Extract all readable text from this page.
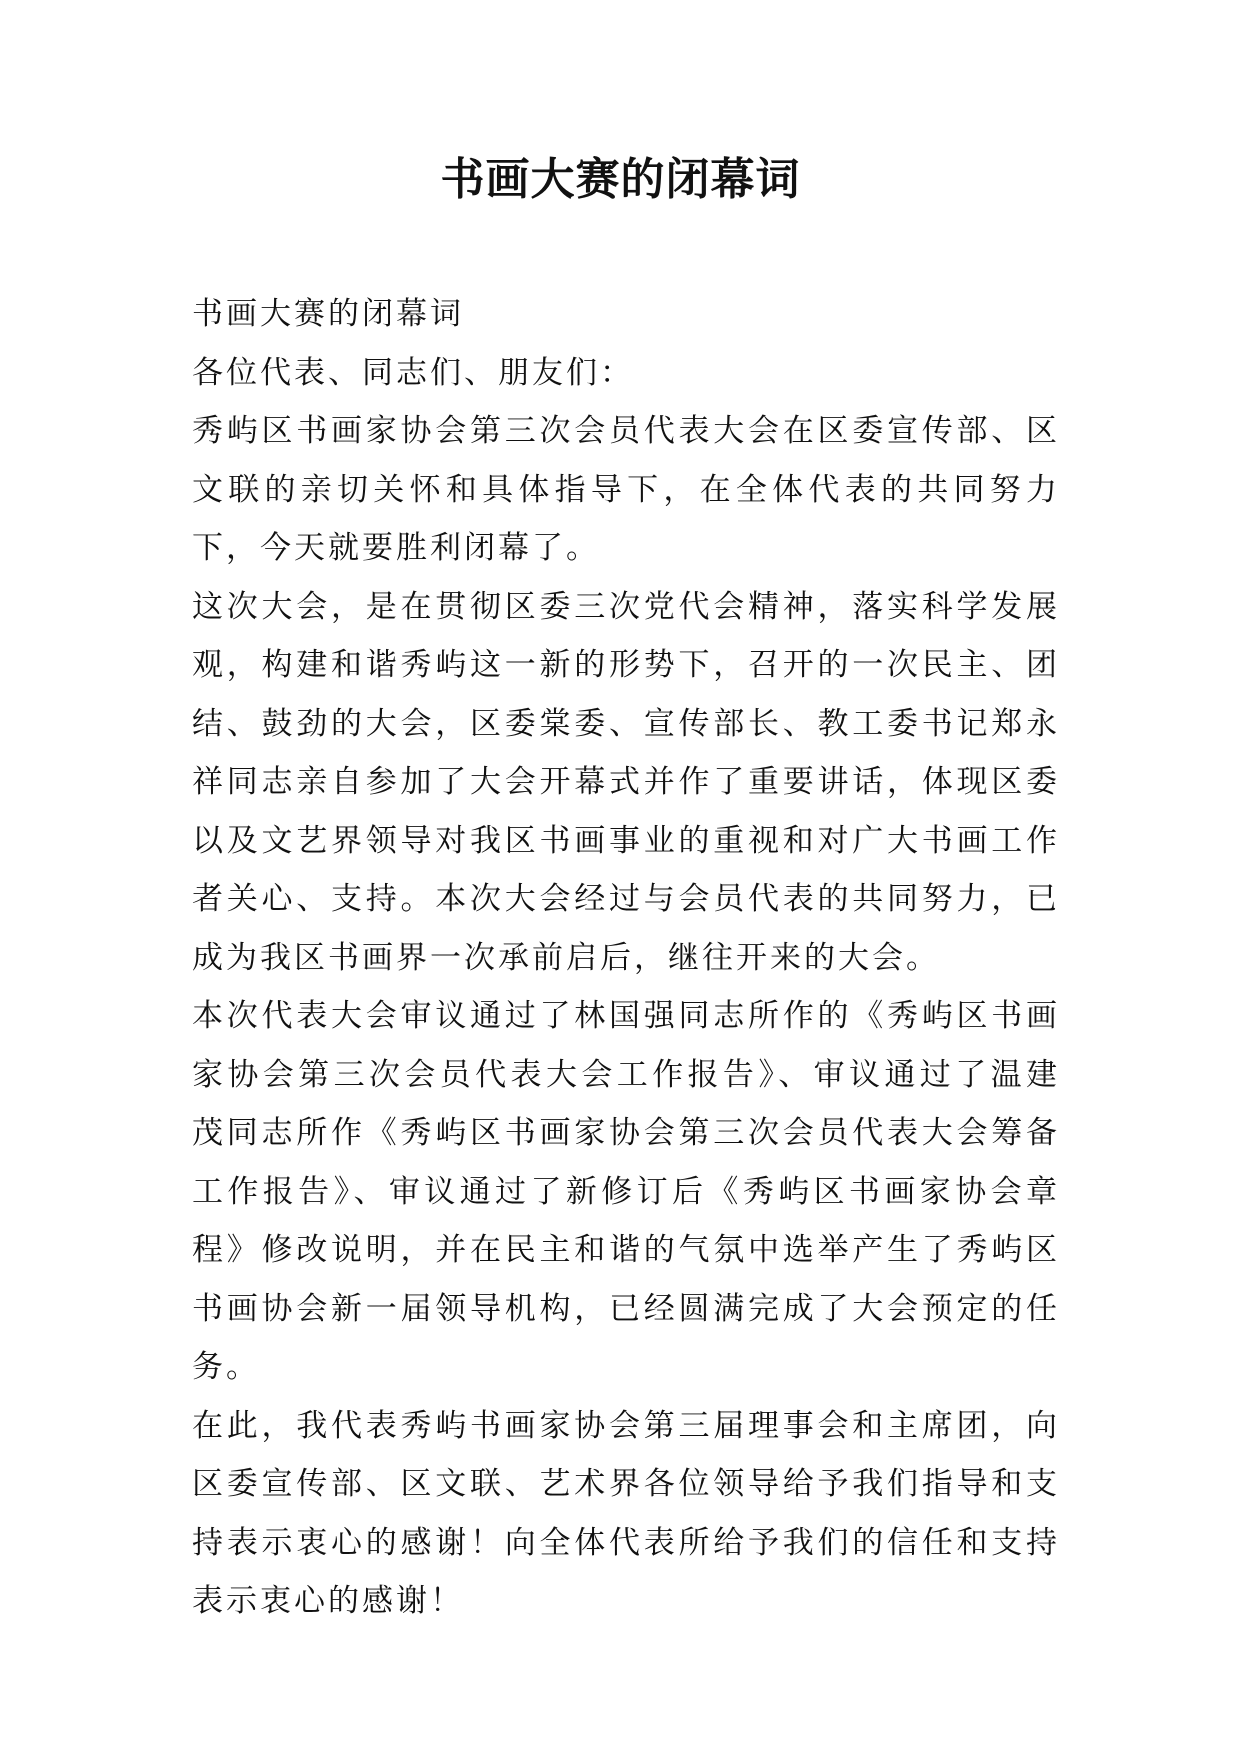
书画大赛的闭幕词

书画大赛的闭幕词

各位代表、同志们、朋友们：

秀屿区书画家协会第三次会员代表大会在区委宣传部、区文联的亲切关怀和具体指导下，在全体代表的共同努力下，今天就要胜利闭幕了。

这次大会，是在贯彻区委三次党代会精神，落实科学发展观，构建和谐秀屿这一新的形势下，召开的一次民主、团结、鼓劲的大会，区委棠委、宣传部长、教工委书记郑永祥同志亲自参加了大会开幕式并作了重要讲话，体现区委以及文艺界领导对我区书画事业的重视和对广大书画工作者关心、支持。本次大会经过与会员代表的共同努力，已成为我区书画界一次承前启后，继往开来的大会。

本次代表大会审议通过了林国强同志所作的《秀屿区书画家协会第三次会员代表大会工作报告》、审议通过了温建茂同志所作《秀屿区书画家协会第三次会员代表大会筹备工作报告》、审议通过了新修订后《秀屿区书画家协会章程》修改说明，并在民主和谐的气氛中选举产生了秀屿区书画协会新一届领导机构，已经圆满完成了大会预定的任务。

在此，我代表秀屿书画家协会第三届理事会和主席团，向区委宣传部、区文联、艺术界各位领导给予我们指导和支持表示衷心的感谢！向全体代表所给予我们的信任和支持表示衷心的感谢！
